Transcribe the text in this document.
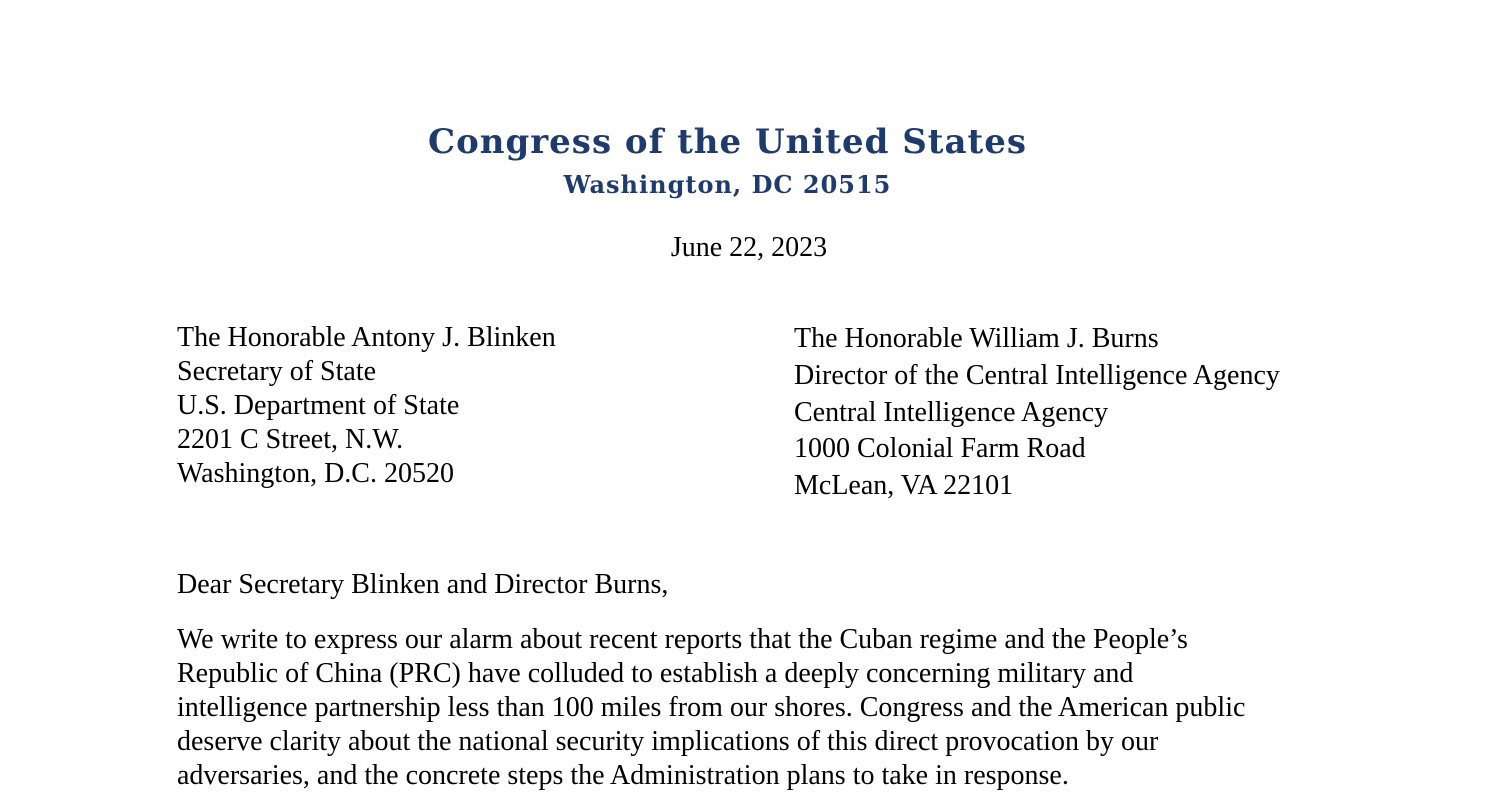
Congress of the United States
Washington, DC 20515
June 22, 2023
The Honorable Antony J. Blinken
Secretary of State
U.S. Department of State
2201 C Street, N.W.
Washington, D.C. 20520
The Honorable William J. Burns
Director of the Central Intelligence Agency
Central Intelligence Agency
1000 Colonial Farm Road
McLean, VA 22101
Dear Secretary Blinken and Director Burns,
We write to express our alarm about recent reports that the Cuban regime and the People’s
Republic of China (PRC) have colluded to establish a deeply concerning military and
intelligence partnership less than 100 miles from our shores. Congress and the American public
deserve clarity about the national security implications of this direct provocation by our
adversaries, and the concrete steps the Administration plans to take in response.
